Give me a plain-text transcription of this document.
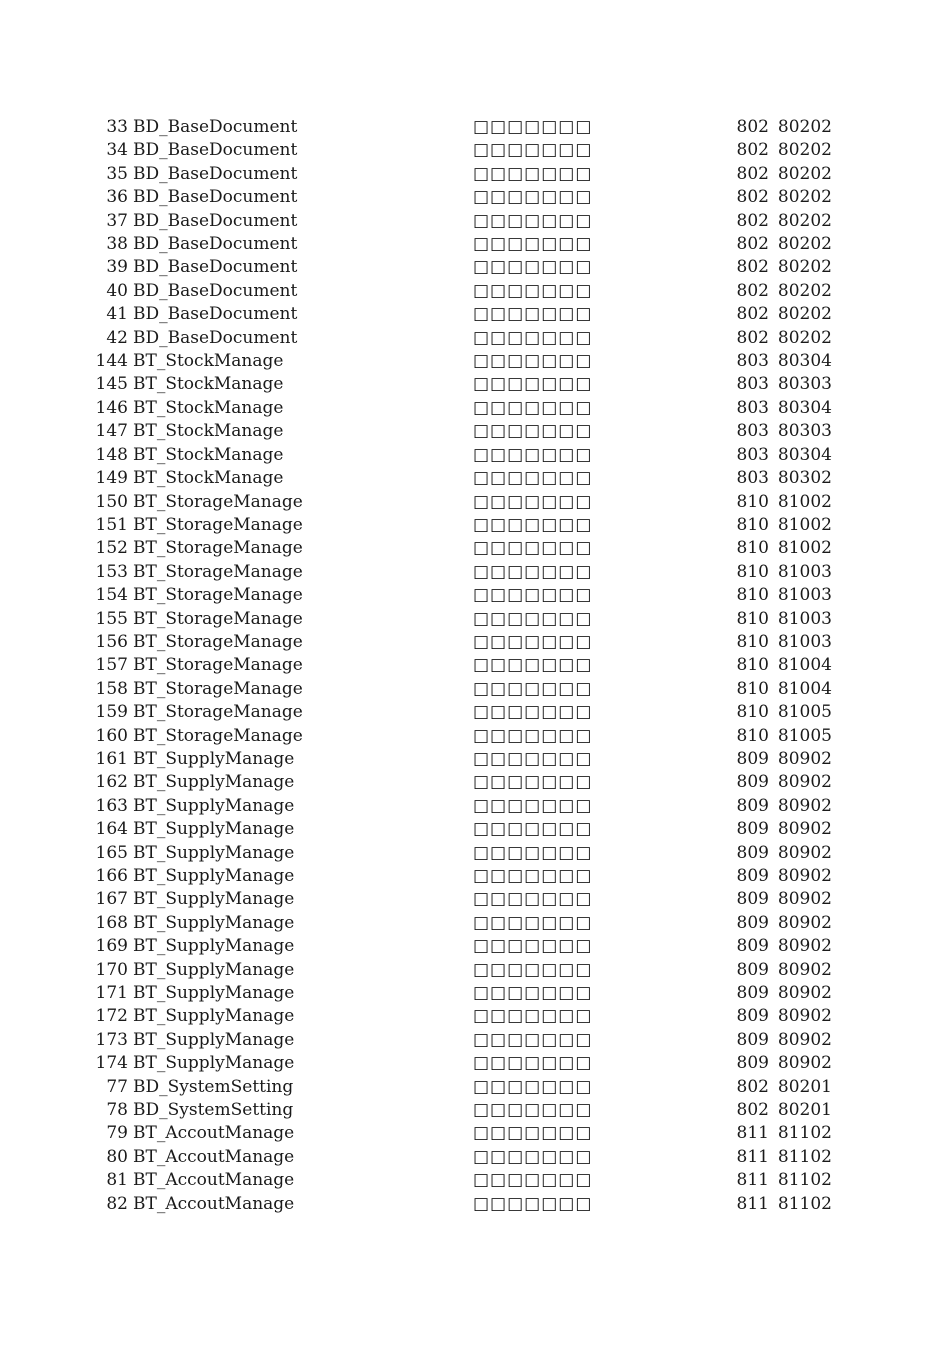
33	BD_BaseDocument	□□□□□□□	802	80202
34	BD_BaseDocument	□□□□□□□	802	80202
35	BD_BaseDocument	□□□□□□□	802	80202
36	BD_BaseDocument	□□□□□□□	802	80202
37	BD_BaseDocument	□□□□□□□	802	80202
38	BD_BaseDocument	□□□□□□□	802	80202
39	BD_BaseDocument	□□□□□□□	802	80202
40	BD_BaseDocument	□□□□□□□	802	80202
41	BD_BaseDocument	□□□□□□□	802	80202
42	BD_BaseDocument	□□□□□□□	802	80202
144	BT_StockManage	□□□□□□□	803	80304
145	BT_StockManage	□□□□□□□	803	80303
146	BT_StockManage	□□□□□□□	803	80304
147	BT_StockManage	□□□□□□□	803	80303
148	BT_StockManage	□□□□□□□	803	80304
149	BT_StockManage	□□□□□□□	803	80302
150	BT_StorageManage	□□□□□□□	810	81002
151	BT_StorageManage	□□□□□□□	810	81002
152	BT_StorageManage	□□□□□□□	810	81002
153	BT_StorageManage	□□□□□□□	810	81003
154	BT_StorageManage	□□□□□□□	810	81003
155	BT_StorageManage	□□□□□□□	810	81003
156	BT_StorageManage	□□□□□□□	810	81003
157	BT_StorageManage	□□□□□□□	810	81004
158	BT_StorageManage	□□□□□□□	810	81004
159	BT_StorageManage	□□□□□□□	810	81005
160	BT_StorageManage	□□□□□□□	810	81005
161	BT_SupplyManage	□□□□□□□	809	80902
162	BT_SupplyManage	□□□□□□□	809	80902
163	BT_SupplyManage	□□□□□□□	809	80902
164	BT_SupplyManage	□□□□□□□	809	80902
165	BT_SupplyManage	□□□□□□□	809	80902
166	BT_SupplyManage	□□□□□□□	809	80902
167	BT_SupplyManage	□□□□□□□	809	80902
168	BT_SupplyManage	□□□□□□□	809	80902
169	BT_SupplyManage	□□□□□□□	809	80902
170	BT_SupplyManage	□□□□□□□	809	80902
171	BT_SupplyManage	□□□□□□□	809	80902
172	BT_SupplyManage	□□□□□□□	809	80902
173	BT_SupplyManage	□□□□□□□	809	80902
174	BT_SupplyManage	□□□□□□□	809	80902
77	BD_SystemSetting	□□□□□□□	802	80201
78	BD_SystemSetting	□□□□□□□	802	80201
79	BT_AccoutManage	□□□□□□□	811	81102
80	BT_AccoutManage	□□□□□□□	811	81102
81	BT_AccoutManage	□□□□□□□	811	81102
82	BT_AccoutManage	□□□□□□□	811	81102
